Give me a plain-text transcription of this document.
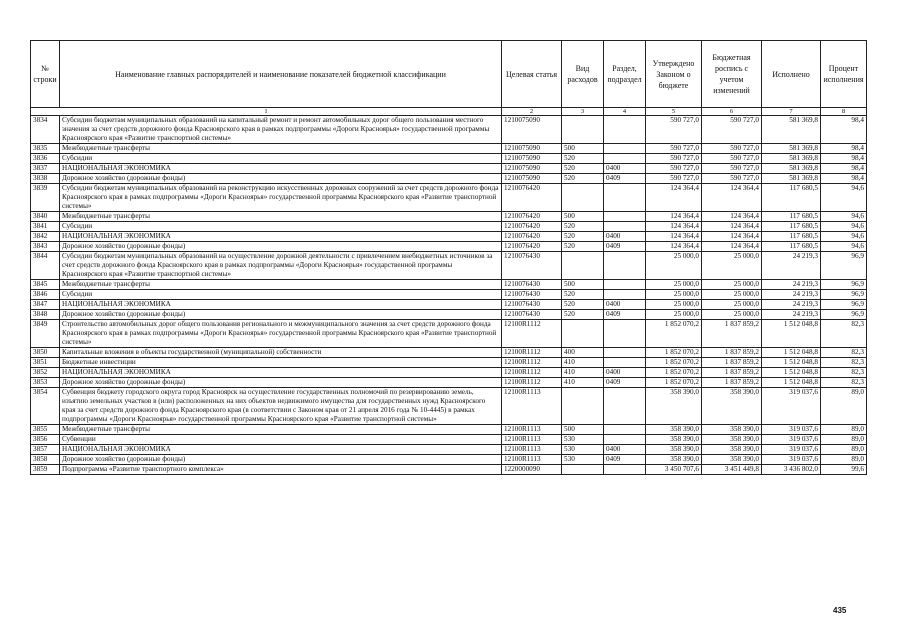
№ строки	Наименование главных распорядителей и наименование показателей бюджетной классификации	Целевая статья	Вид расходов	Раздел, подраздел	Утверждено Законом о бюджете	Бюджетная роспись с учетом изменений	Исполнено	Процент исполнения
1		2	3	4	5	6	7	8
3834	Субсидии бюджетам муниципальных образований на капитальный ремонт и ремонт автомобильных дорог общего пользования местного значения за счет средств дорожного фонда Красноярского края в рамках подпрограммы «Дороги Красноярья» государственной программы Красноярского края «Развитие транспортной системы»	1210075090			590 727,0	590 727,0	581 369,8	98,4
3835	Межбюджетные трансферты	1210075090	500		590 727,0	590 727,0	581 369,8	98,4
3836	Субсидии	1210075090	520		590 727,0	590 727,0	581 369,8	98,4
3837	НАЦИОНАЛЬНАЯ ЭКОНОМИКА	1210075090	520	0400	590 727,0	590 727,0	581 369,8	98,4
3838	Дорожное хозяйство (дорожные фонды)	1210075090	520	0409	590 727,0	590 727,0	581 369,8	98,4
3839	Субсидии бюджетам муниципальных образований на реконструкцию искусственных дорожных сооружений за счет средств дорожного фонда Красноярского края в рамках подпрограммы «Дороги Красноярья» государственной программы Красноярского края «Развитие транспортной системы»	1210076420			124 364,4	124 364,4	117 680,5	94,6
3840	Межбюджетные трансферты	1210076420	500		124 364,4	124 364,4	117 680,5	94,6
3841	Субсидии	1210076420	520		124 364,4	124 364,4	117 680,5	94,6
3842	НАЦИОНАЛЬНАЯ ЭКОНОМИКА	1210076420	520	0400	124 364,4	124 364,4	117 680,5	94,6
3843	Дорожное хозяйство (дорожные фонды)	1210076420	520	0409	124 364,4	124 364,4	117 680,5	94,6
3844	Субсидии бюджетам муниципальных образований на осуществление дорожной деятельности с привлечением внебюджетных источников за счет средств дорожного фонда Красноярского края в рамках подпрограммы «Дороги Красноярья» государственной программы Красноярского края «Развитие транспортной системы»	1210076430			25 000,0	25 000,0	24 219,3	96,9
3845	Межбюджетные трансферты	1210076430	500		25 000,0	25 000,0	24 219,3	96,9
3846	Субсидии	1210076430	520		25 000,0	25 000,0	24 219,3	96,9
3847	НАЦИОНАЛЬНАЯ ЭКОНОМИКА	1210076430	520	0400	25 000,0	25 000,0	24 219,3	96,9
3848	Дорожное хозяйство (дорожные фонды)	1210076430	520	0409	25 000,0	25 000,0	24 219,3	96,9
3849	Строительство автомобильных дорог общего пользования регионального и межмуниципального значения за счет средств дорожного фонда Красноярского края в рамках подпрограммы «Дороги Красноярья» государственной программы Красноярского края «Развитие транспортной системы»	12100R1112			1 852 070,2	1 837 859,2	1 512 048,8	82,3
3850	Капитальные вложения в объекты государственной (муниципальной) собственности	12100R1112	400		1 852 070,2	1 837 859,2	1 512 048,8	82,3
3851	Бюджетные инвестиции	12100R1112	410		1 852 070,2	1 837 859,2	1 512 048,8	82,3
3852	НАЦИОНАЛЬНАЯ ЭКОНОМИКА	12100R1112	410	0400	1 852 070,2	1 837 859,2	1 512 048,8	82,3
3853	Дорожное хозяйство (дорожные фонды)	12100R1112	410	0409	1 852 070,2	1 837 859,2	1 512 048,8	82,3
3854	Субвенция бюджету городского округа город Красноярск на осуществление государственных полномочий по резервированию земель, изъятию земельных участков в (или) расположенных на них объектов недвижимого имущества для государственных нужд Красноярского края за счет средств дорожного фонда Красноярского края (в соответствии с Законом края от 21 апреля 2016 года № 10-4445) в рамках подпрограммы «Дороги Красноярья» государственной программы Красноярского края «Развитие транспортной системы»	12100R1113			358 390,0	358 390,0	319 037,6	89,0
3855	Межбюджетные трансферты	12100R1113	500		358 390,0	358 390,0	319 037,6	89,0
3856	Субвенции	12100R1113	530		358 390,0	358 390,0	319 037,6	89,0
3857	НАЦИОНАЛЬНАЯ ЭКОНОМИКА	12100R1113	530	0400	358 390,0	358 390,0	319 037,6	89,0
3858	Дорожное хозяйство (дорожные фонды)	12100R1113	530	0409	358 390,0	358 390,0	319 037,6	89,0
3859	Подпрограмма «Развитие транспортного комплекса»	1220000090			3 450 707,6	3 451 449,8	3 436 802,0	99,6
435
